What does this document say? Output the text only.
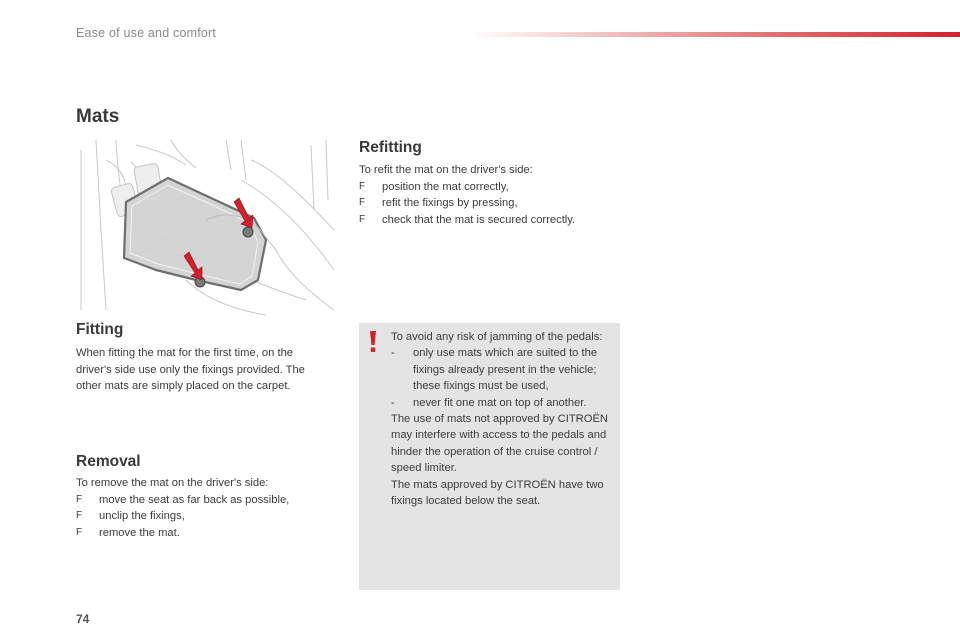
Ease of use and comfort
Mats
Fitting

When fitting the mat for the first time, on the driver's side use only the fixings provided. The other mats are simply placed on the carpet.

Removal

To remove the mat on the driver's side:

F	move the seat as far back as possible,

F	unclip the fixings,

F	remove the mat.

Refitting

To refit the mat on the driver's side:

F	position the mat correctly,

F	refit the fixings by pressing,

F	check that the mat is secured correctly.

To avoid any risk of jamming of the pedals:

- only use mats which are suited to the fixings already present in the vehicle; these fixings must be used,

- never fit one mat on top of another.

The use of mats not approved by CITROËN may interfere with access to the pedals and hinder the operation of the cruise control / speed limiter.

The mats approved by CITROËN have two fixings located below the seat.

74
